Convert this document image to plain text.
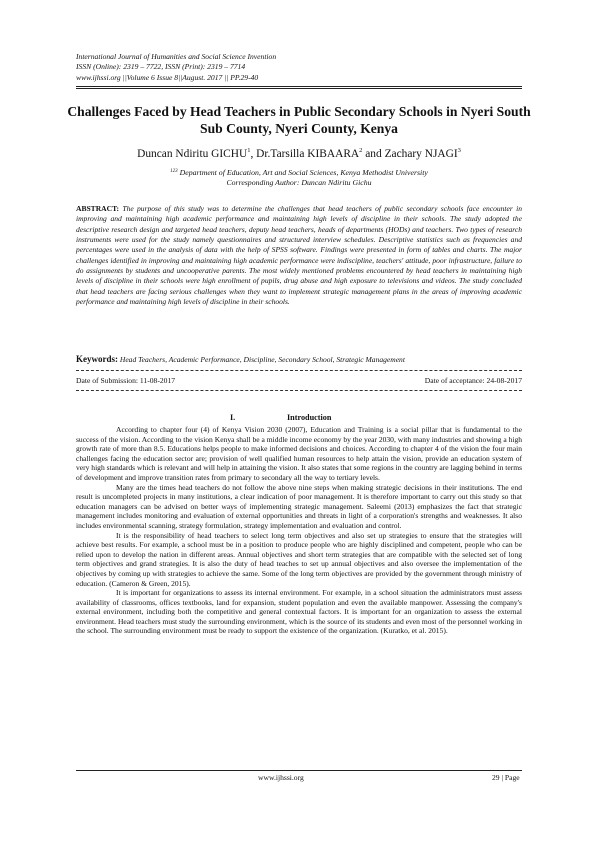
International Journal of Humanities and Social Science Invention
ISSN (Online): 2319 – 7722, ISSN (Print): 2319 – 7714
www.ijhssi.org ||Volume 6 Issue 8||August. 2017 || PP.29-40
Challenges Faced by Head Teachers in Public Secondary Schools in Nyeri South Sub County, Nyeri County, Kenya
Duncan Ndiritu GICHU$^1$, Dr.Tarsilla KIBAARA$^2$ and Zachary NJAGI$^3$
$^{123}$ Department of Education, Art and Social Sciences, Kenya Methodist University
Corresponding Author: Duncan Ndiritu Gichu
ABSTRACT: The purpose of this study was to determine the challenges that head teachers of public secondary schools face encounter in improving and maintaining high academic performance and maintaining high levels of discipline in their schools. The study adopted the descriptive research design and targeted head teachers, deputy head teachers, heads of departments (HODs) and teachers. Two types of research instruments were used for the study namely questionnaires and structured interview schedules. Descriptive statistics such as frequencies and percentages were used in the analysis of data with the help of SPSS software. Findings were presented in form of tables and charts. The major challenges identified in improving and maintaining high academic performance were indiscipline, teachers' attitude, poor infrastructure, failure to do assignments by students and uncooperative parents. The most widely mentioned problems encountered by head teachers in maintaining high levels of discipline in their schools were high enrollment of pupils, drug abuse and high exposure to televisions and videos. The study concluded that head teachers are facing serious challenges when they want to implement strategic management plans in the areas of improving academic performance and maintaining high levels of discipline in their schools.
Keywords: Head Teachers, Academic Performance, Discipline, Secondary School, Strategic Management
Date of Submission: 11-08-2017	Date of acceptance: 24-08-2017
I.	Introduction

According to chapter four (4) of Kenya Vision 2030 (2007), Education and Training is a social pillar that is fundamental to the success of the vision. According to the vision Kenya shall be a middle income economy by the year 2030, with many industries and showing a high growth rate of more than 8.5. Educations helps people to make informed decisions and choices. According to chapter 4 of the vision the four main challenges facing the education sector are; provision of well qualified human resources to help attain the vision, provide an education system of very high standards which is relevant and will help in attaining the vision. It also states that some regions in the country are lagging behind in terms of development and improve transition rates from primary to secondary all the way to tertiary levels.

Many are the times head teachers do not follow the above nine steps when making strategic decisions in their institutions. The end result is uncompleted projects in many institutions, a clear indication of poor management. It is therefore important to carry out this study so that education managers can be advised on better ways of implementing strategic management. Saleemi (2013) emphasizes the fact that strategic management includes monitoring and evaluation of external opportunities and threats in light of a corporation's strengths and weaknesses. It also includes environmental scanning, strategy formulation, strategy implementation and evaluation and control.

It is the responsibility of head teachers to select long term objectives and also set up strategies to ensure that the strategies will achieve best results. For example, a school must be in a position to produce people who are highly disciplined and competent, people who can be relied upon to develop the nation in different areas. Annual objectives and short term strategies that are compatible with the selected set of long term objectives and grand strategies. It is also the duty of head teaches to set up annual objectives and also oversee the implementation of the objectives by coming up with strategies to achieve the same. Some of the long term objectives are provided by the government through ministry of education. (Cameron & Green, 2015).

It is important for organizations to assess its internal environment. For example, in a school situation the administrators must assess availability of classrooms, offices textbooks, land for expansion, student population and even the available manpower. Assessing the company's external environment, including both the competitive and general contextual factors. It is important for an organization to assess the external environment. Head teachers must study the surrounding environment, which is the source of its students and even most of the personnel working in the school. The surrounding environment must be ready to support the existence of the organization. (Kuratko, et al. 2015).

www.ijhssi.org	29 | Page
